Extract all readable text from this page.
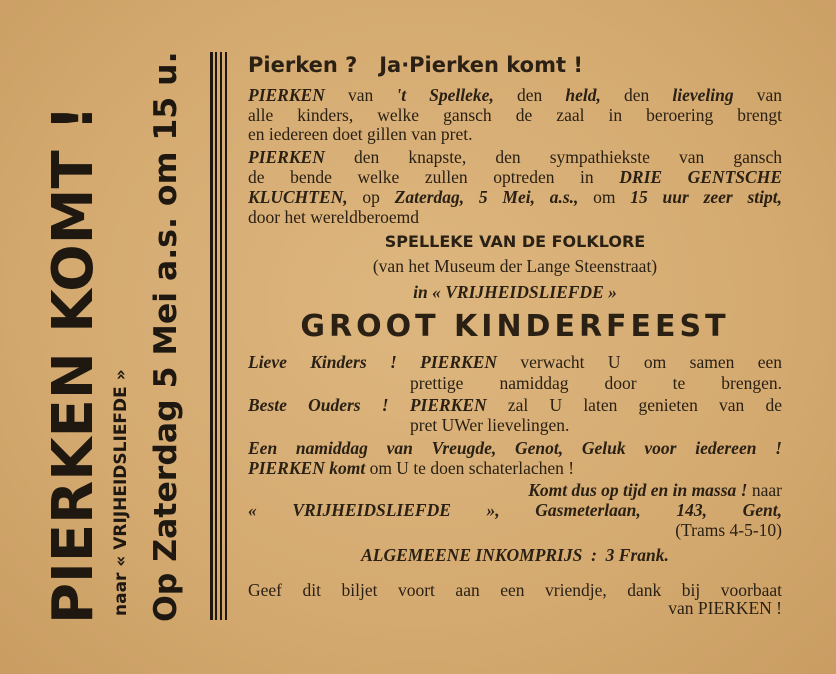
PIERKEN KOMT ! naar « VRIJHEIDSLIEFDE » Op Zaterdag 5 Mei a.s. om 15 u.	Pierken ?   Ja·Pierken komt !
PIERKEN van 't Spelleke, den held, den lieveling van
alle kinders, welke gansch de zaal in beroering brengt
en iedereen doet gillen van pret.
PIERKEN den knapste, den sympathiekste van gansch
de bende welke zullen optreden in DRIE GENTSCHE
KLUCHTEN, op Zaterdag, 5 Mei, a.s., om 15 uur zeer stipt,
door het wereldberoemd
SPELLEKE VAN DE FOLKLORE
(van het Museum der Lange Steenstraat)
in « VRIJHEIDSLIEFDE »
GROOT KINDERFEEST
Lieve Kinders ! PIERKEN verwacht U om samen een
prettige namiddag door te brengen.
Beste Ouders ! PIERKEN zal U laten genieten van de
pret UWer lievelingen.
Een namiddag van Vreugde, Genot, Geluk voor iedereen !
PIERKEN komt om U te doen schaterlachen !
Komt dus op tijd en in massa ! naar
« VRIJHEIDSLIEFDE », Gasmeterlaan, 143, Gent,
(Trams 4-5-10)
ALGEMEENE INKOMPRIJS  :  3 Frank.
Geef dit biljet voort aan een vriendje, dank bij voorbaat
van PIERKEN !
